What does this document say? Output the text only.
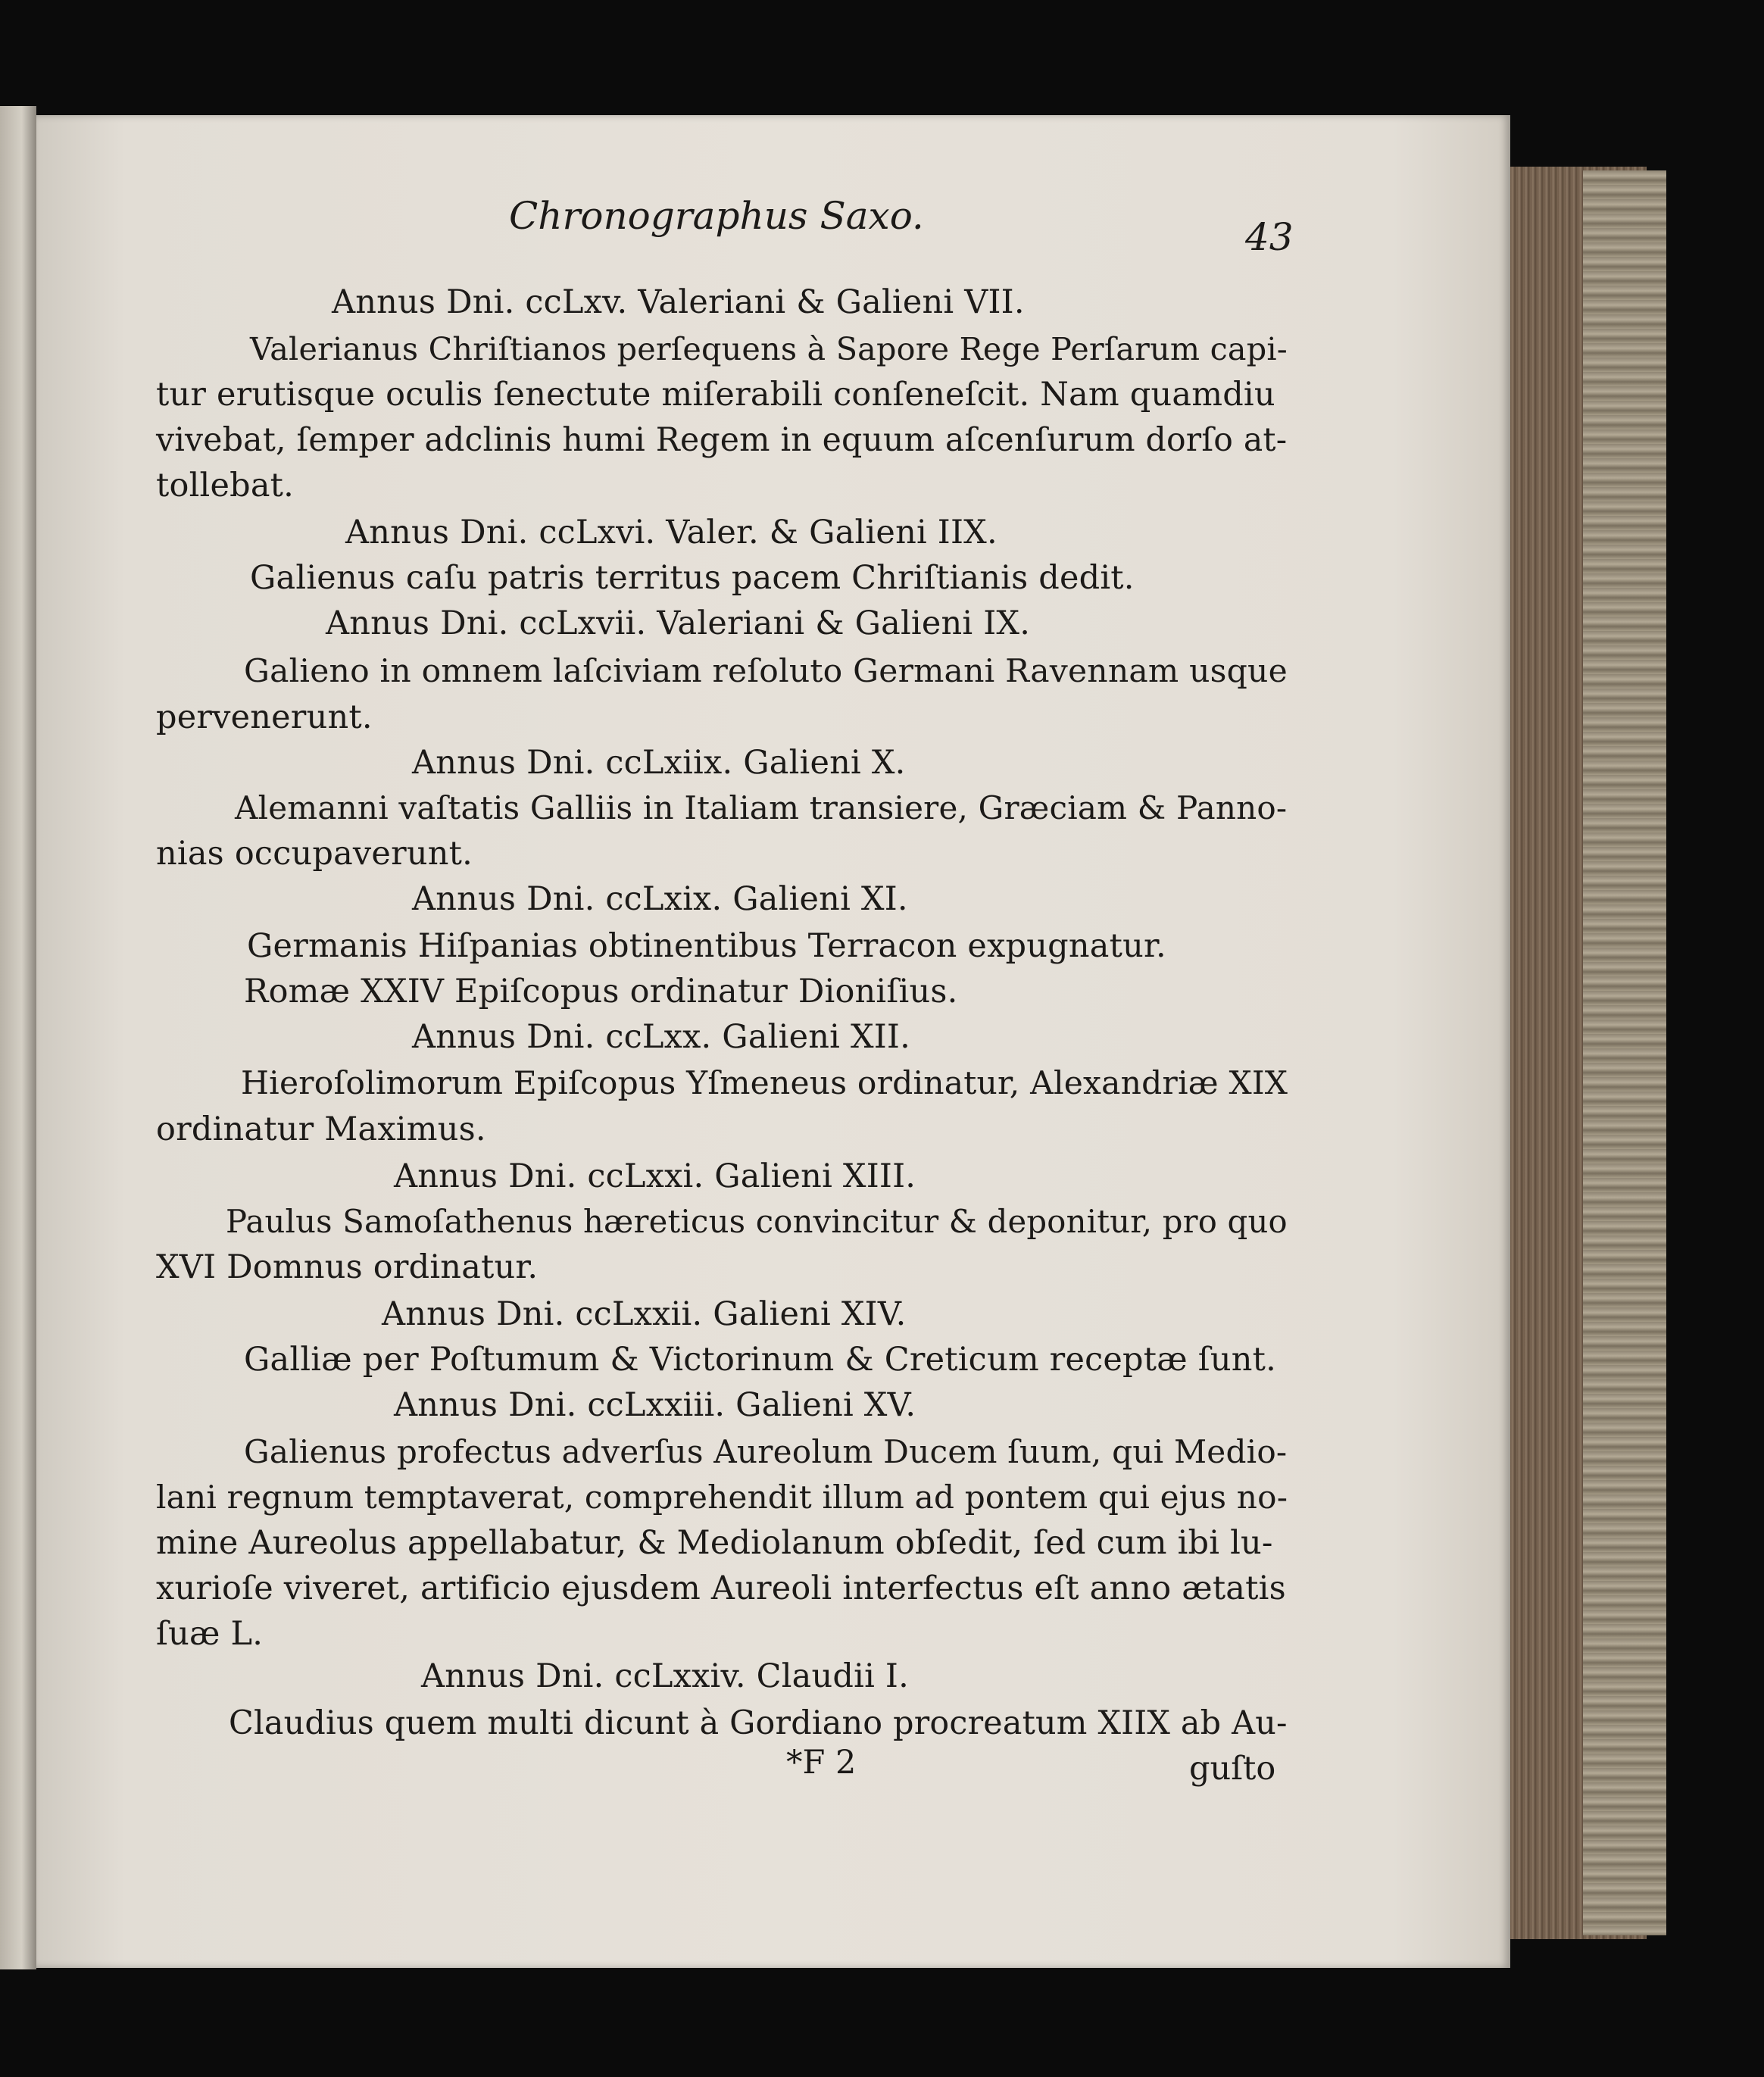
Chronographus Saxo.	43
Annus Dni. ccLxv. Valeriani & Galieni VII.
Valerianus Chriſtianos perſequens à Sapore Rege Perſarum capi-
tur erutisque oculis ſenectute miſerabili conſeneſcit. Nam quamdiu
vivebat, ſemper adclinis humi Regem in equum aſcenſurum dorſo at-
tollebat.
Annus Dni. ccLxvi. Valer. & Galieni IIX.
Galienus caſu patris territus pacem Chriſtianis dedit.
Annus Dni. ccLxvii. Valeriani & Galieni IX.
Galieno in omnem laſciviam reſoluto Germani Ravennam usque
pervenerunt.
Annus Dni. ccLxiix. Galieni X.
Alemanni vaſtatis Galliis in Italiam transiere, Græciam & Panno-
nias occupaverunt.
Annus Dni. ccLxix. Galieni XI.
Germanis Hiſpanias obtinentibus Terracon expugnatur.
Romæ XXIV Epiſcopus ordinatur Dioniſius.
Annus Dni. ccLxx. Galieni XII.
Hieroſolimorum Epiſcopus Yſmeneus ordinatur, Alexandriæ XIX
ordinatur Maximus.
Annus Dni. ccLxxi. Galieni XIII.
Paulus Samoſathenus hæreticus convincitur & deponitur, pro quo
XVI Domnus ordinatur.
Annus Dni. ccLxxii. Galieni XIV.
Galliæ per Poſtumum & Victorinum & Creticum receptæ ſunt.
Annus Dni. ccLxxiii. Galieni XV.
Galienus profectus adverſus Aureolum Ducem ſuum, qui Medio-
lani regnum temptaverat, comprehendit illum ad pontem qui ejus no-
mine Aureolus appellabatur, & Mediolanum obſedit, ſed cum ibi lu-
xurioſe viveret, artificio ejusdem Aureoli interfectus eſt anno ætatis
ſuæ L.
Annus Dni. ccLxxiv. Claudii I.
Claudius quem multi dicunt à Gordiano procreatum XIIX ab Au-
*F 2	guſto
